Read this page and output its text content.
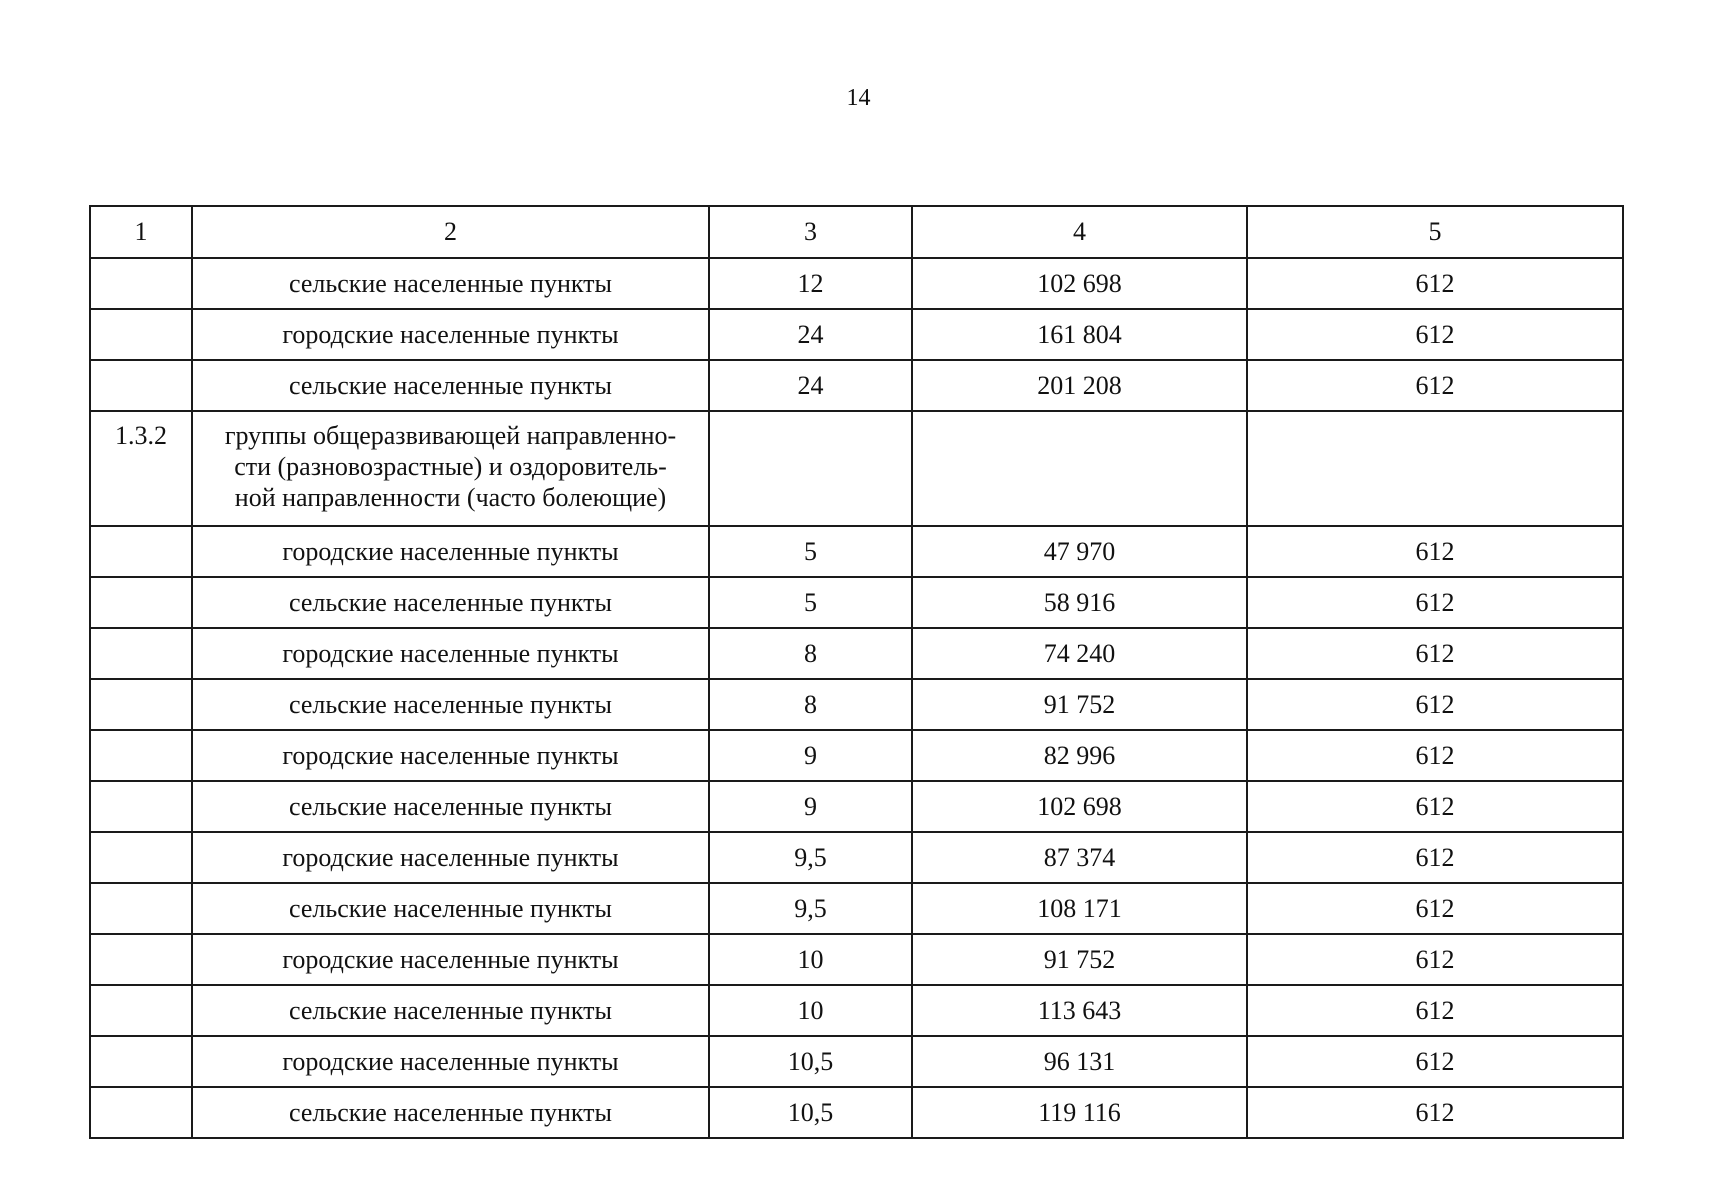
14
1	2	3	4	5
	сельские населенные пункты	12	102 698	612
	городские населенные пункты	24	161 804	612
	сельские населенные пункты	24	201 208	612
1.3.2	группы общеразвивающей направленно-
сти (разновозрастные) и оздоровитель-
ной направленности (часто болеющие)			

	городские населенные пункты	5	47 970	612
	сельские населенные пункты	5	58 916	612
	городские населенные пункты	8	74 240	612
	сельские населенные пункты	8	91 752	612
	городские населенные пункты	9	82 996	612
	сельские населенные пункты	9	102 698	612
	городские населенные пункты	9,5	87 374	612
	сельские населенные пункты	9,5	108 171	612
	городские населенные пункты	10	91 752	612
	сельские населенные пункты	10	113 643	612
	городские населенные пункты	10,5	96 131	612
	сельские населенные пункты	10,5	119 116	612
